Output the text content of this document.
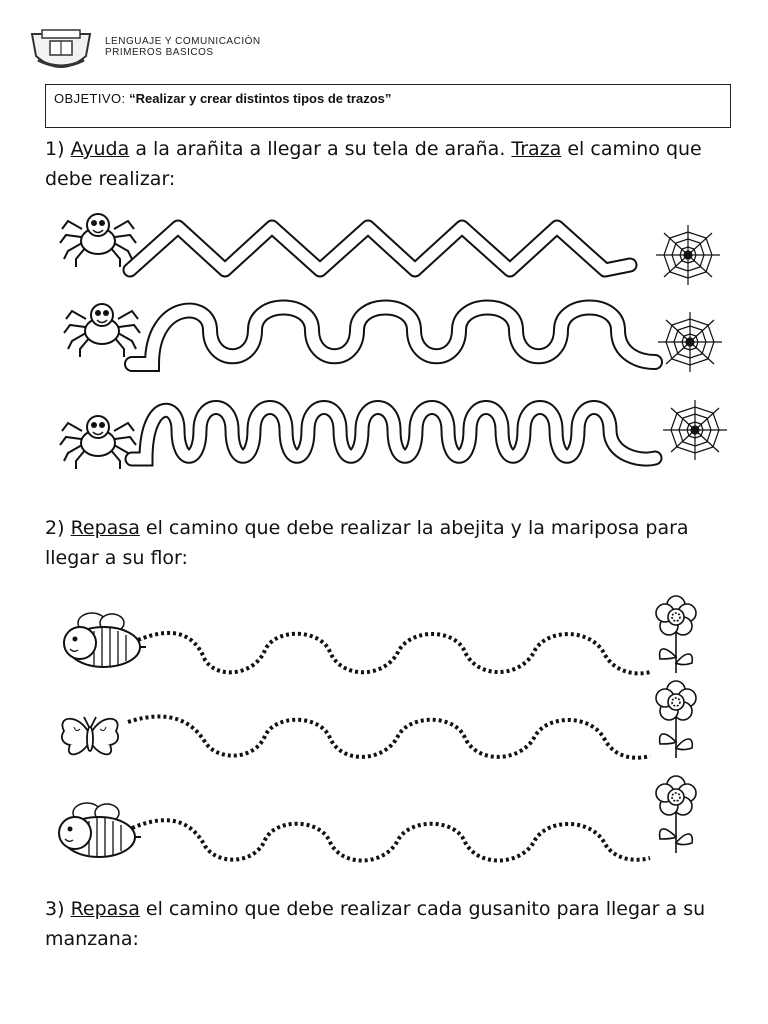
LENGUAJE Y COMUNICACIÒN
PRIMEROS BASICOS
OBJETIVO: “Realizar y crear distintos tipos de trazos”
1) Ayuda a la arañita a llegar a su tela de araña. Traza el camino que debe realizar:
2) Repasa el camino que debe realizar la abejita y la mariposa para llegar a su flor:
3) Repasa el camino que debe realizar cada gusanito para llegar a su manzana:
